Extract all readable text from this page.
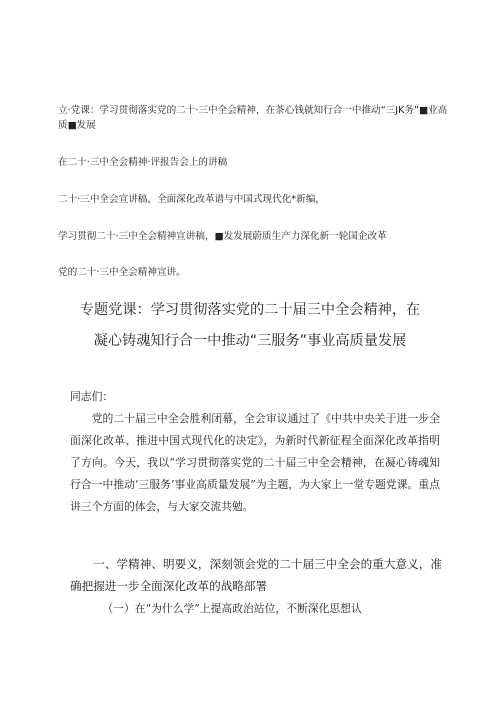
立·党课：学习贯彻落实党的二十·三中全会精神，在茶心钱就知行合一中推动“三JK务”■业高质■发展
在二十·三中全会精神·评报告会上的讲稿
二十·三中全会宣讲稿，全面深化改革谱与中国式现代化*新编，
学习贯彻二十·三中全会精神宣讲稿，■发发展蔚质生产力深化新一轮国企改革
党的二十·三中全会精神宣讲。
专题党课：学习贯彻落实党的二十届三中全会精神，在
凝心铸魂知行合一中推动“三服务”事业高质量发展
同志们：
党的二十届三中全会胜利闭幕，全会审议通过了《中共中央关于进一步全面深化改革、推进中国式现代化的决定》，为新时代新征程全面深化改革指明了方向。今天，我以“学习贯彻落实党的二十届三中全会精神，在凝心铸魂知行合一中推动‘三服务’事业高质量发展”为主题，为大家上一堂专题党课。重点讲三个方面的体会，与大家交流共勉。
一、学精神、明要义，深刻领会党的二十届三中全会的重大意义，准确把握进一步全面深化改革的战略部署
（一）在“为什么学”上提高政治站位，不断深化思想认
